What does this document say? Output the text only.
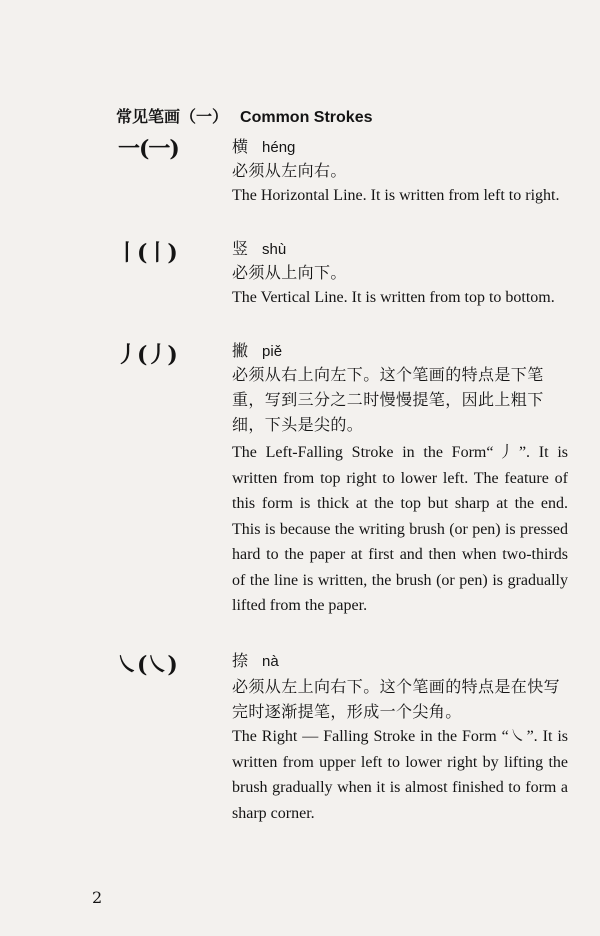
常见笔画（一） Common Strokes
一(一)	横 héng
必须从左向右。
The Horizontal Line. It is written from left to right.
丨(丨)	竖 shù
必须从上向下。
The Vertical Line. It is written from top to bottom.
丿(丿)	撇 piě
必须从右上向左下。这个笔画的特点是下笔重，写到三分之二时慢慢提笔，因此上粗下细，下头是尖的。
The Left-Falling Stroke in the Form“丿”. It is written from top right to lower left. The feature of this form is thick at the top but sharp at the end. This is because the writing brush (or pen) is pressed hard to the paper at first and then when two-thirds of the line is written, the brush (or pen) is gradually lifted from the paper.
㇏(㇏)	捺 nà
必须从左上向右下。这个笔画的特点是在快写完时逐渐提笔，形成一个尖角。
The Right — Falling Stroke in the Form “㇏”. It is written from upper left to lower right by lifting the brush gradually when it is almost finished to form a sharp corner.
2
